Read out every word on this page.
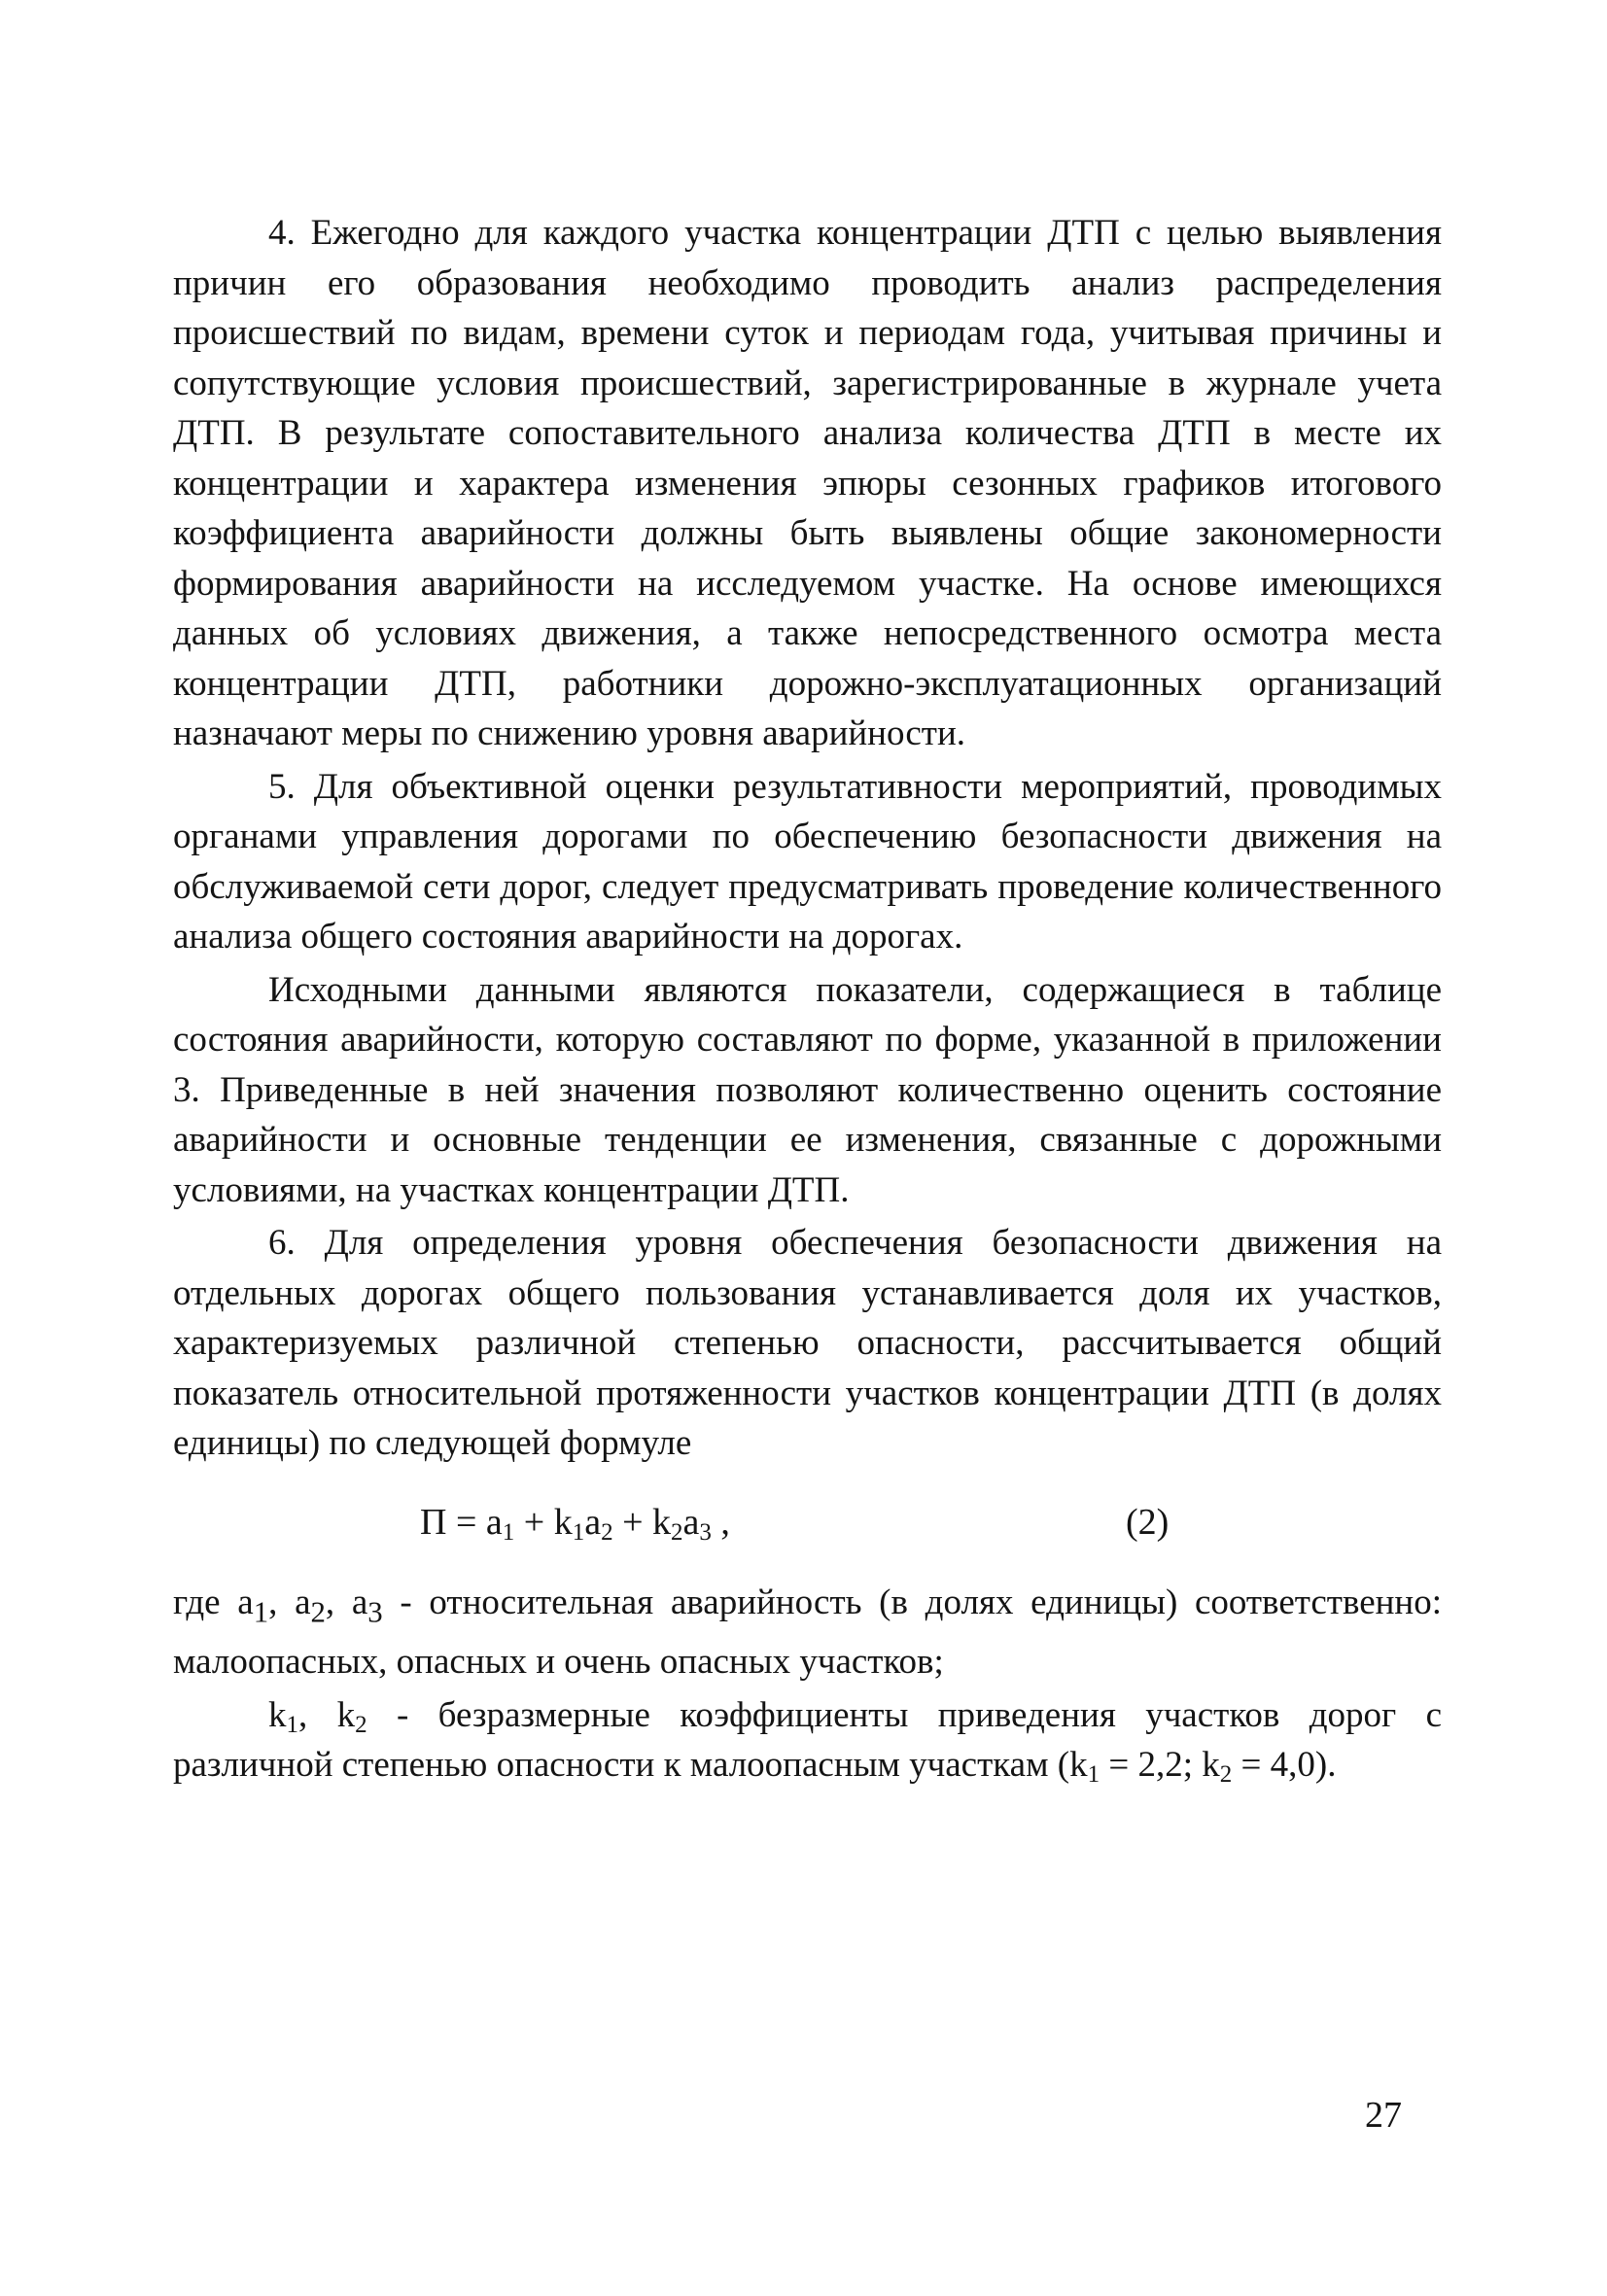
4. Ежегодно для каждого участка концентрации ДТП с целью выявления причин его образования необходимо проводить анализ распределения происшествий по видам, времени суток и периодам года, учитывая причины и сопутствующие условия происшествий, зарегистрированные в журнале учета ДТП. В результате сопоставительного анализа количества ДТП в месте их концентрации и характера изменения эпюры сезонных графиков итогового коэффициента аварийности должны быть выявлены общие закономерности формирования аварийности на исследуемом участке. На основе имеющихся данных об условиях движения, а также непосредственного осмотра места концентрации ДТП, работники дорожно-эксплуатационных организаций назначают меры по снижению уровня аварийности.

5. Для объективной оценки результативности мероприятий, проводимых органами управления дорогами по обеспечению безопасности движения на обслуживаемой сети дорог, следует предусматривать проведение количественного анализа общего состояния аварийности на дорогах.

Исходными данными являются показатели, содержащиеся в таблице состояния аварийности, которую составляют по форме, указанной в приложении 3. Приведенные в ней значения позволяют количественно оценить состояние аварийности и основные тенденции ее изменения, связанные с дорожными условиями, на участках концентрации ДТП.

6. Для определения уровня обеспечения безопасности движения на отдельных дорогах общего пользования устанавливается доля их участков, характеризуемых различной степенью опасности, рассчитывается общий показатель относительной протяженности участков концентрации ДТП (в долях единицы) по следующей формуле

$П = a_1 + k_1a_2 + k_2a_3$ ,	(2)

где $a_1$, $a_2$, $a_3$ - относительная аварийность (в долях единицы) соответственно: малоопасных, опасных и очень опасных участков;

$k_1$, $k_2$ - безразмерные коэффициенты приведения участков дорог с различной степенью опасности к малоопасным участкам ($k_1 = 2,2$; $k_2 = 4,0$).

27
